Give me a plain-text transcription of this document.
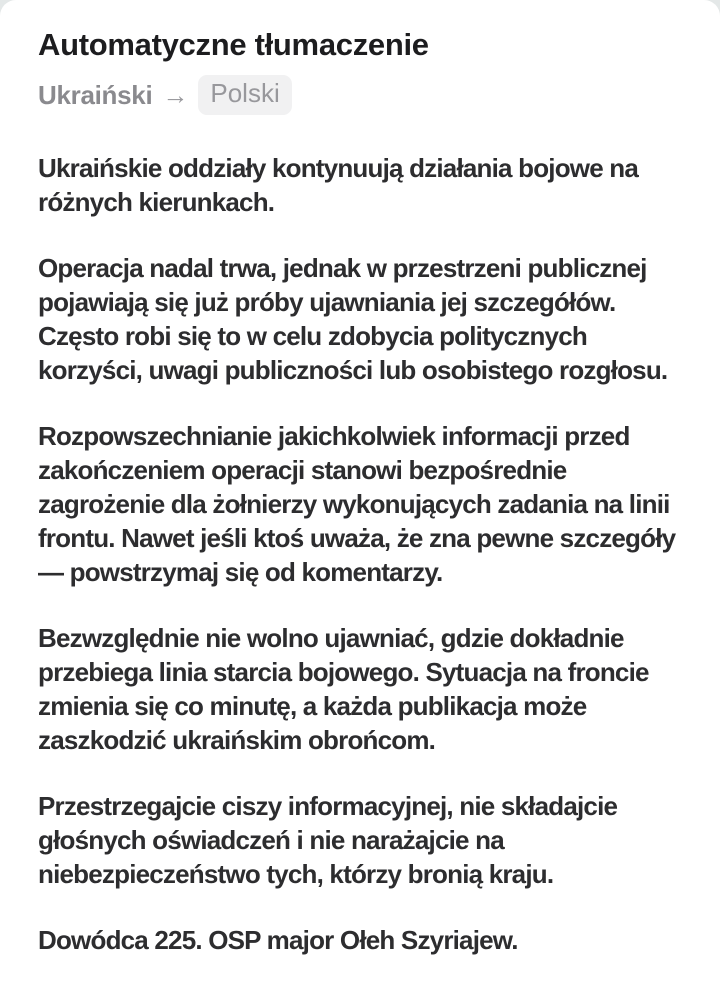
Automatyczne tłumaczenie
Ukraiński → Polski

Ukraińskie oddziały kontynuują działania bojowe na różnych kierunkach.

Operacja nadal trwa, jednak w przestrzeni publicznej pojawiają się już próby ujawniania jej szczegółów. Często robi się to w celu zdobycia politycznych korzyści, uwagi publiczności lub osobistego rozgłosu.

Rozpowszechnianie jakichkolwiek informacji przed zakończeniem operacji stanowi bezpośrednie zagrożenie dla żołnierzy wykonujących zadania na linii frontu. Nawet jeśli ktoś uważa, że zna pewne szczegóły — powstrzymaj się od komentarzy.

Bezwzględnie nie wolno ujawniać, gdzie dokładnie przebiega linia starcia bojowego. Sytuacja na froncie zmienia się co minutę, a każda publikacja może zaszkodzić ukraińskim obrońcom.

Przestrzegajcie ciszy informacyjnej, nie składajcie głośnych oświadczeń i nie narażajcie na niebezpieczeństwo tych, którzy bronią kraju.

Dowódca 225. OSP major Ołeh Szyriajew.
